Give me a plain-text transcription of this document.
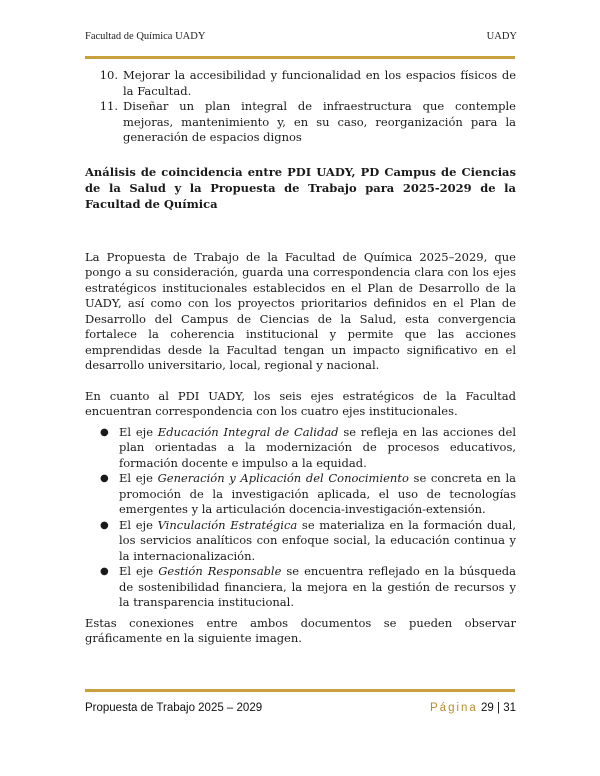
Facultad de Química UADY	UADY
10. Mejorar la accesibilidad y funcionalidad en los espacios físicos de la Facultad.
11. Diseñar un plan integral de infraestructura que contemple mejoras, mantenimiento y, en su caso, reorganización para la generación de espacios dignos
Análisis de coincidencia entre PDI UADY, PD Campus de Ciencias de la Salud y la Propuesta de Trabajo para 2025-2029 de la Facultad de Química

La Propuesta de Trabajo de la Facultad de Química 2025–2029, que pongo a su consideración, guarda una correspondencia clara con los ejes estratégicos institucionales establecidos en el Plan de Desarrollo de la UADY, así como con los proyectos prioritarios definidos en el Plan de Desarrollo del Campus de Ciencias de la Salud, esta convergencia fortalece la coherencia institucional y permite que las acciones emprendidas desde la Facultad tengan un impacto significativo en el desarrollo universitario, local, regional y nacional.

En cuanto al PDI UADY, los seis ejes estratégicos de la Facultad encuentran correspondencia con los cuatro ejes institucionales.

● El eje Educación Integral de Calidad se refleja en las acciones del plan orientadas a la modernización de procesos educativos, formación docente e impulso a la equidad.
● El eje Generación y Aplicación del Conocimiento se concreta en la promoción de la investigación aplicada, el uso de tecnologías emergentes y la articulación docencia-investigación-extensión.
● El eje Vinculación Estratégica se materializa en la formación dual, los servicios analíticos con enfoque social, la educación continua y la internacionalización.
● El eje Gestión Responsable se encuentra reflejado en la búsqueda de sostenibilidad financiera, la mejora en la gestión de recursos y la transparencia institucional.

Estas conexiones entre ambos documentos se pueden observar gráficamente en la siguiente imagen.

Propuesta de Trabajo 2025 – 2029	Página 29 | 31
